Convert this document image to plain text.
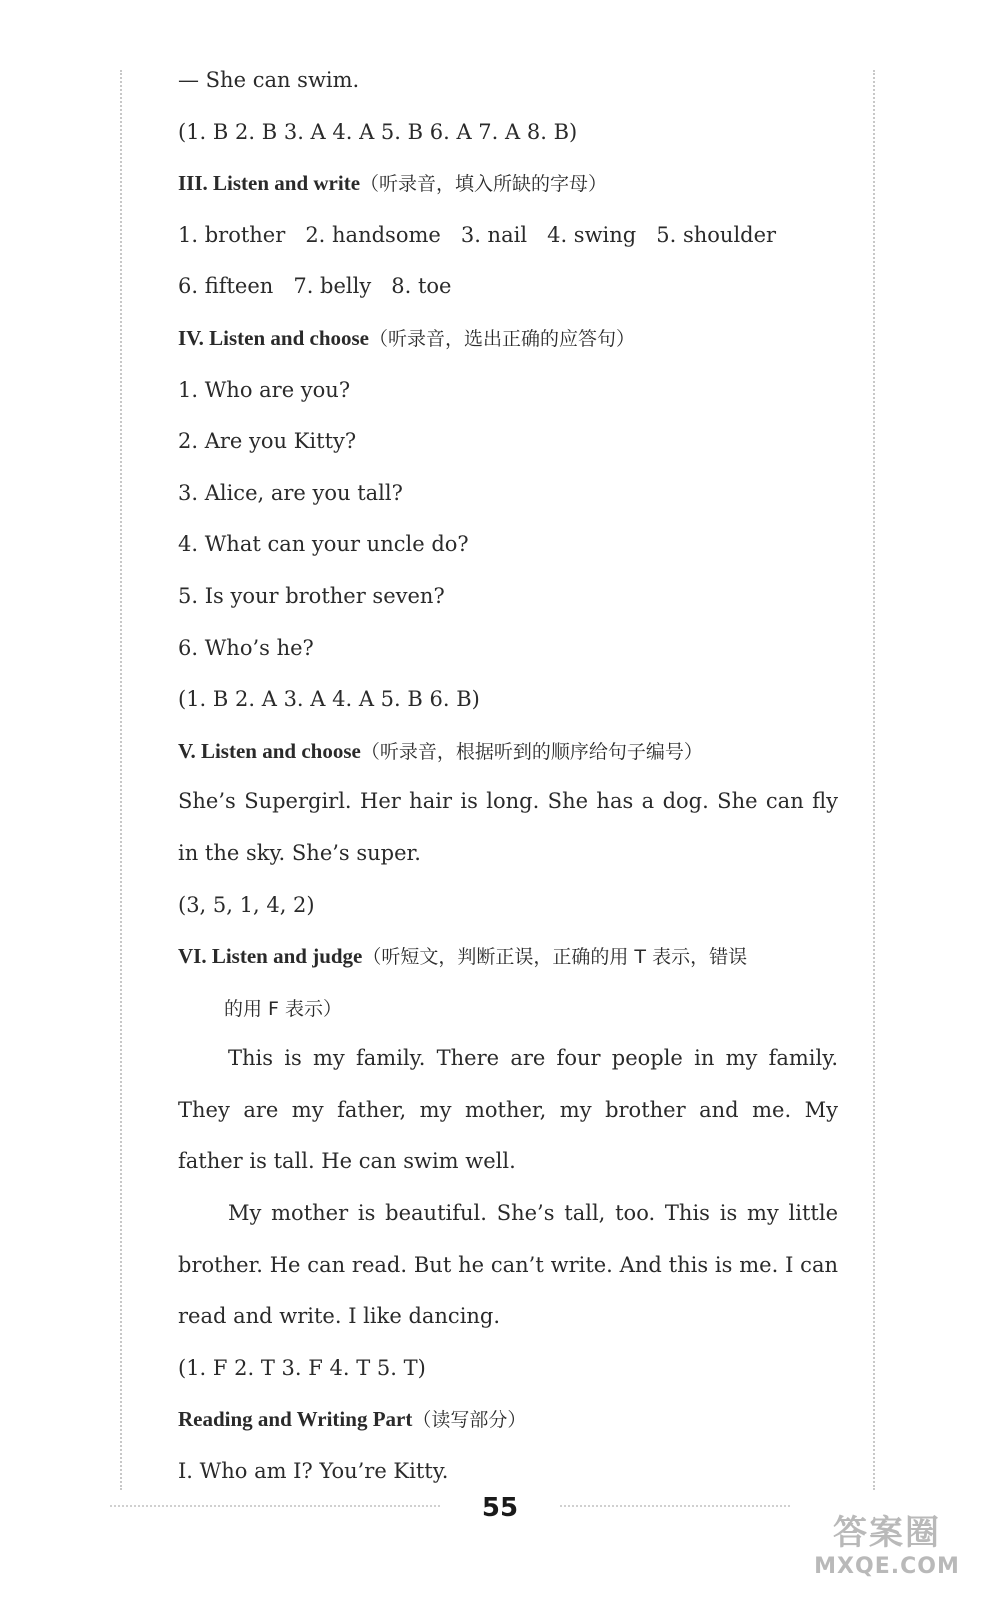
— She can swim.
(1. B 2. B 3. A 4. A 5. B 6. A 7. A 8. B)
III. Listen and write（听录音，填入所缺的字母）
1. brother 2. handsome 3. nail 4. swing 5. shoulder
6. fifteen 7. belly 8. toe
IV. Listen and choose（听录音，选出正确的应答句）
1. Who are you?
2. Are you Kitty?
3. Alice, are you tall?
4. What can your uncle do?
5. Is your brother seven?
6. Who’s he?
(1. B 2. A 3. A 4. A 5. B 6. B)
V. Listen and choose（听录音，根据听到的顺序给句子编号）
She’s Supergirl. Her hair is long. She has a dog. She can fly in the sky. She’s super.
(3, 5, 1, 4, 2)
VI. Listen and judge（听短文，判断正误，正确的用 T 表示，错误
的用 F 表示）
This is my family. There are four people in my family. They are my father, my mother, my brother and me. My father is tall. He can swim well.
My mother is beautiful. She’s tall, too. This is my little brother. He can read. But he can’t write. And this is me. I can read and write. I like dancing.
(1. F 2. T 3. F 4. T 5. T)
Reading and Writing Part（读写部分）
I. Who am I? You’re Kitty.
55
答案圈
MXQE.COM
